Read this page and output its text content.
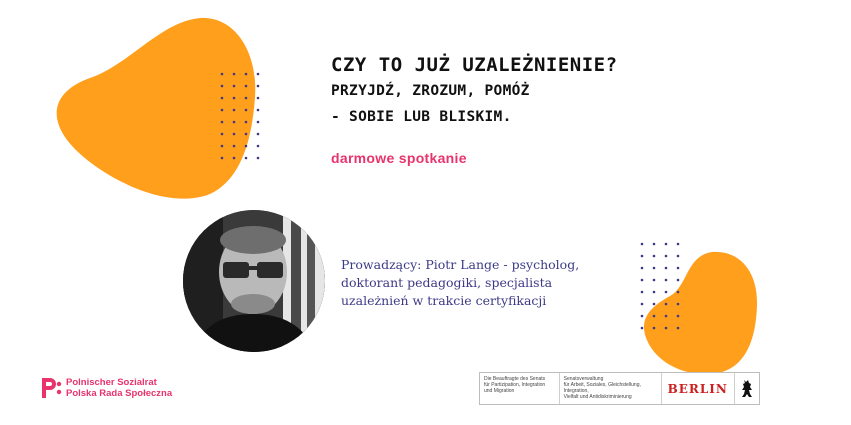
CZY TO JUŻ UZALEŻNIENIE?

PRZYJDŹ, ZROZUM, POMÓŻ

- SOBIE LUB BLISKIM.

darmowe spotkanie
Prowadzący: Piotr Lange - psycholog,
doktorant pedagogiki, specjalista
uzależnień w trakcie certyfikacji
Polnischer Sozialrat
Polska Rada Społeczna
Die Beauftragte des Senats
für Partizipation, Integration
und Migration
Senatsverwaltung
für Arbeit, Soziales, Gleichstellung, Integration,
Vielfalt und Antidiskriminierung
BERLIN
